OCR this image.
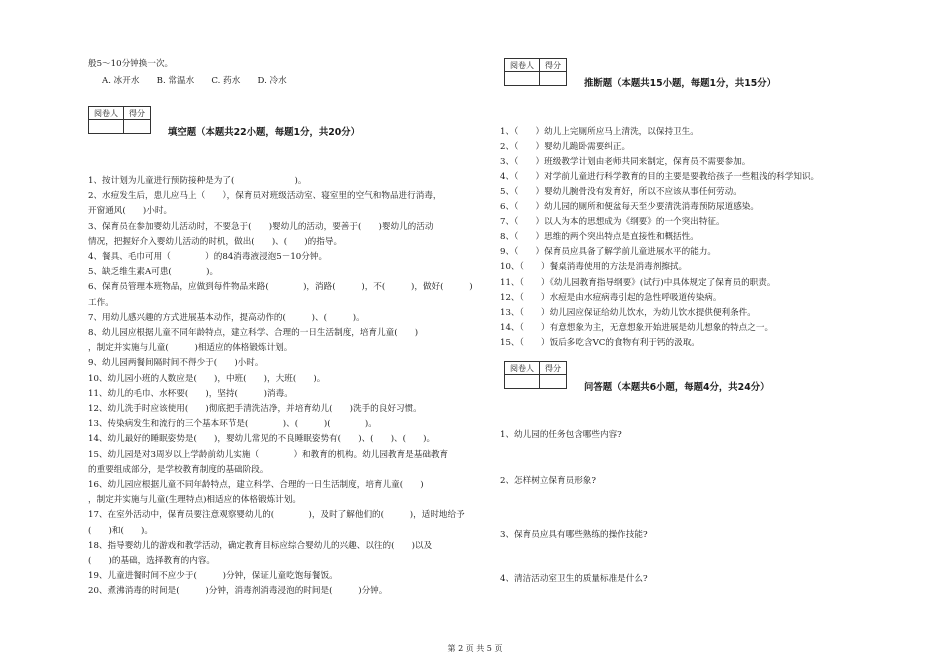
般5～10分钟换一次。
A. 冰开水　　B. 常温水　　C. 药水　　D. 冷水
阅卷人	得分

填空题（本题共22小题，每题1分，共20分）
1、按计划为儿童进行预防接种是为了(　　　　　　　)。
2、水痘发生后，患儿应马上（　　），保育员对班级活动室、寝室里的空气和物品进行消毒，
开窗通风(　　)小时。
3、保育员在参加婴幼儿活动时，不要急于(　　)婴幼儿的活动，要善于(　　)婴幼儿的活动
情况，把握好介入婴幼儿活动的时机，做出(　　)、(　　)的指导。
4、餐具、毛巾可用（　　　　）的84消毒液浸泡5－10分钟。
5、缺乏维生素A可患(　　　　)。
6、保育员管理本班物品，应做到每件物品来路(　　　　)，消路(　　　)，不(　　　)，做好(　　　)
工作。
7、用幼儿感兴趣的方式进展基本动作，提高动作的(　　　)、(　　　)。
8、幼儿园应根据儿童不同年龄特点，建立科学、合理的一日生活制度，培育儿童(　　)
，制定并实施与儿童(　　　)相适应的体格锻炼计划。
9、幼儿园两餐间隔时间不得少于(　　)小时。
10、幼儿园小班的人数应是(　　)，中班(　　)，大班(　　)。
11、幼儿的毛巾、水杯要(　　)，坚持(　　　)消毒。
12、幼儿洗手时应该使用(　　)彻底把手清洗洁净，并培育幼儿(　　)洗手的良好习惯。
13、传染病发生和流行的三个基本环节是(　　　　)、(　　　)(　　　　)。
14、幼儿最好的睡眠姿势是(　　)，婴幼儿常见的不良睡眠姿势有(　　)、(　　)、(　　)。
15、幼儿园是对3周岁以上学龄前幼儿实施（　　　　）和教育的机构。幼儿园教育是基础教育
的重要组成部分，是学校教育制度的基础阶段。
16、幼儿园应根据儿童不同年龄特点，建立科学、合理的一日生活制度，培育儿童(　　)
，制定并实施与儿童(生理特点)相适应的体格锻炼计划。
17、在室外活动中，保育员要注意观察婴幼儿的(　　　　)，及时了解他们的(　　　)，适时地给予
(　　)和(　　)。
18、指导婴幼儿的游戏和教学活动，确定教育目标应综合婴幼儿的兴趣、以往的(　　)以及
(　　)的基础，选择教育的内容。
19、儿童进餐时间不应少于(　　　)分钟，保证儿童吃饱每餐饭。
20、煮沸消毒的时间是(　　　)分钟，消毒剂消毒浸泡的时间是(　　　)分钟。
阅卷人	得分

推断题（本题共15小题，每题1分，共15分）
1、（　　）幼儿上完厕所应马上清洗，以保持卫生。
2、（　　）婴幼儿跪卧需要纠正。
3、（　　）班级教学计划由老师共同来制定，保育员不需要参加。
4、（　　）对学前儿童进行科学教育的目的主要是要教给孩子一些粗浅的科学知识。
5、（　　）婴幼儿腕骨没有发育好，所以不应该从事任何劳动。
6、（　　）幼儿园的厕所和便盆每天至少要清洗消毒预防尿道感染。
7、（　　）以人为本的思想成为《纲要》的一个突出特征。
8、（　　）思维的两个突出特点是直接性和概括性。
9、（　　）保育员应具备了解学前儿童进展水平的能力。
10、（　　）餐桌消毒使用的方法是消毒剂擦拭。
11、（　　）《幼儿园教育指导纲要》(试行)中具体规定了保育员的职责。
12、（　　）水痘是由水痘病毒引起的急性呼吸道传染病。
13、（　　）幼儿园应保证给幼儿饮水，为幼儿饮水提供便利条件。
14、（　　）有意想象为主，无意想象开始进展是幼儿想象的特点之一。
15、（　　）饭后多吃含VC的食物有利于钙的汲取。
阅卷人	得分

问答题（本题共6小题，每题4分，共24分）
1、幼儿园的任务包含哪些内容?
2、怎样树立保育员形象?
3、保育员应具有哪些熟练的操作技能?
4、清洁活动室卫生的质量标准是什么?
第 2 页 共 5 页
